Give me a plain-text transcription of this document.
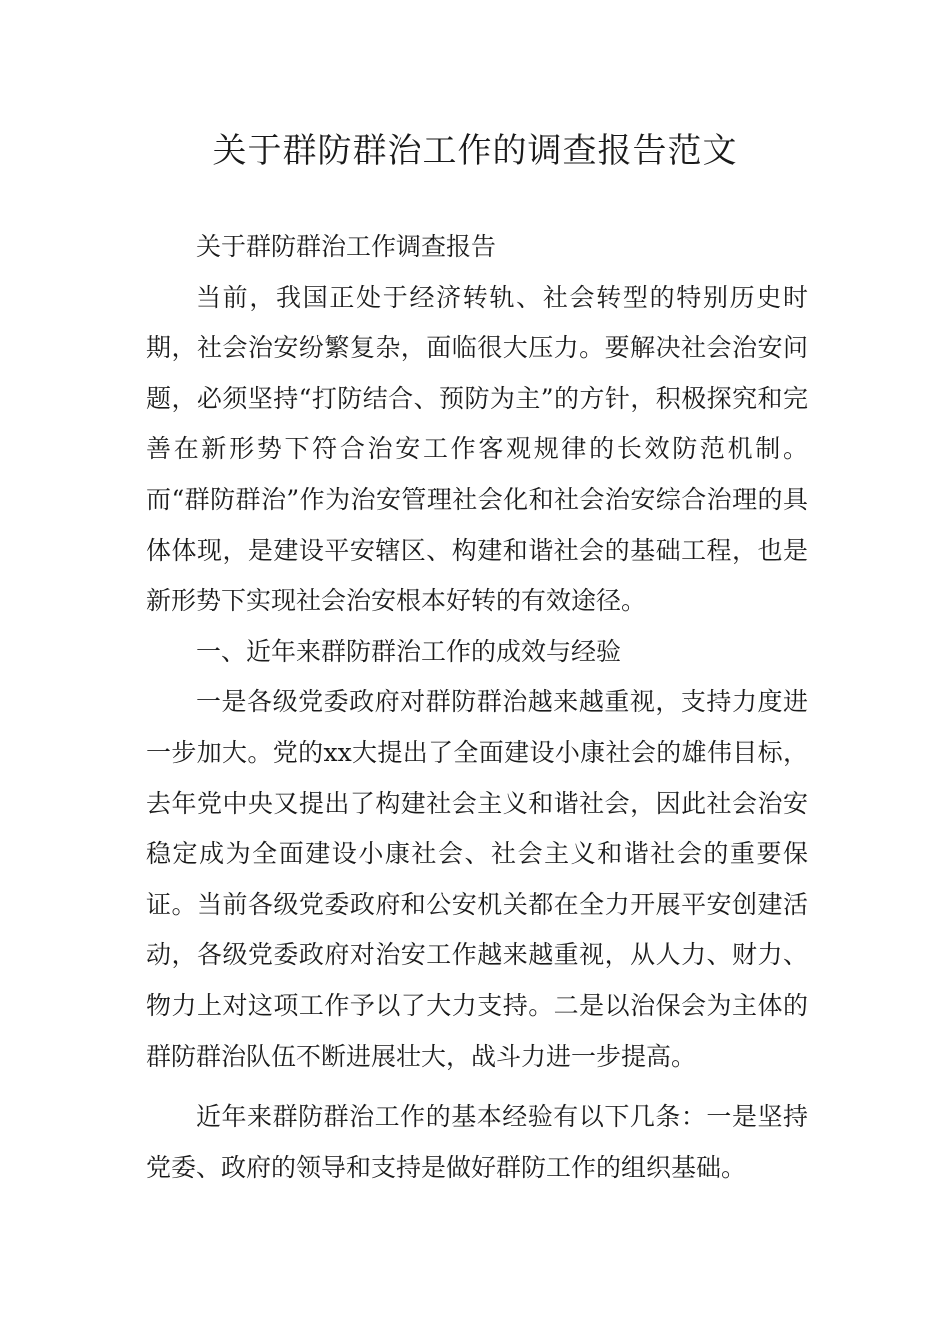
关于群防群治工作的调查报告范文

关于群防群治工作调查报告

当前，我国正处于经济转轨、社会转型的特别历史时期，社会治安纷繁复杂，面临很大压力。要解决社会治安问题，必须坚持“打防结合、预防为主”的方针，积极探究和完善在新形势下符合治安工作客观规律的长效防范机制。而“群防群治”作为治安管理社会化和社会治安综合治理的具体体现，是建设平安辖区、构建和谐社会的基础工程，也是新形势下实现社会治安根本好转的有效途径。

一、近年来群防群治工作的成效与经验

一是各级党委政府对群防群治越来越重视，支持力度进一步加大。党的xx大提出了全面建设小康社会的雄伟目标，去年党中央又提出了构建社会主义和谐社会，因此社会治安稳定成为全面建设小康社会、社会主义和谐社会的重要保证。当前各级党委政府和公安机关都在全力开展平安创建活动，各级党委政府对治安工作越来越重视，从人力、财力、物力上对这项工作予以了大力支持。二是以治保会为主体的群防群治队伍不断进展壮大，战斗力进一步提高。

近年来群防群治工作的基本经验有以下几条：一是坚持党委、政府的领导和支持是做好群防工作的组织基础。
